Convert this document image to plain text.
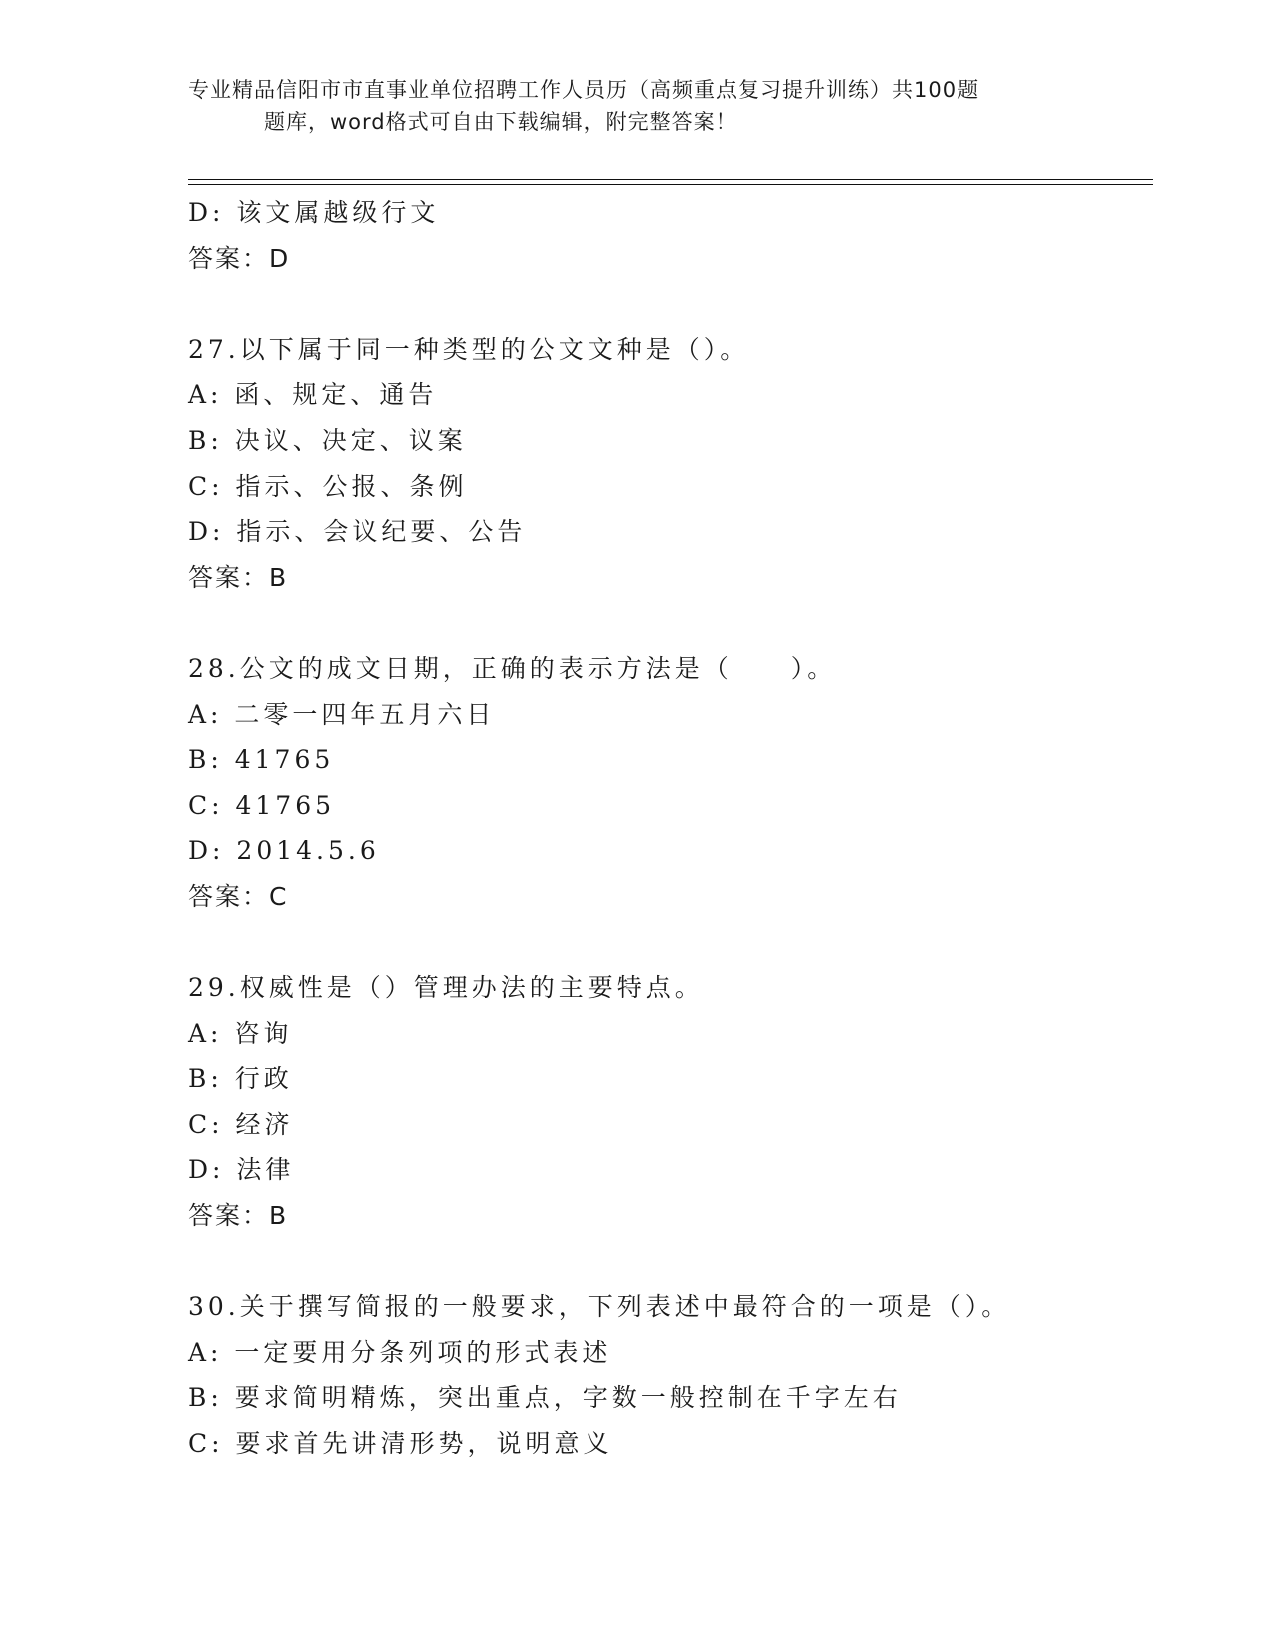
专业精品信阳市市直事业单位招聘工作人员历（高频重点复习提升训练）共100题
题库，word格式可自由下载编辑，附完整答案！
D: 该文属越级行文
答案：D
27.以下属于同一种类型的公文文种是（）。
A: 函、规定、通告
B: 决议、决定、议案
C: 指示、公报、条例
D: 指示、会议纪要、公告
答案：B
28.公文的成文日期，正确的表示方法是（　　）。
A: 二零一四年五月六日
B: 41765
C: 41765
D: 2014.5.6
答案：C
29.权威性是（）管理办法的主要特点。
A: 咨询
B: 行政
C: 经济
D: 法律
答案：B
30.关于撰写简报的一般要求，下列表述中最符合的一项是（）。
A: 一定要用分条列项的形式表述
B: 要求简明精炼，突出重点，字数一般控制在千字左右
C: 要求首先讲清形势，说明意义
